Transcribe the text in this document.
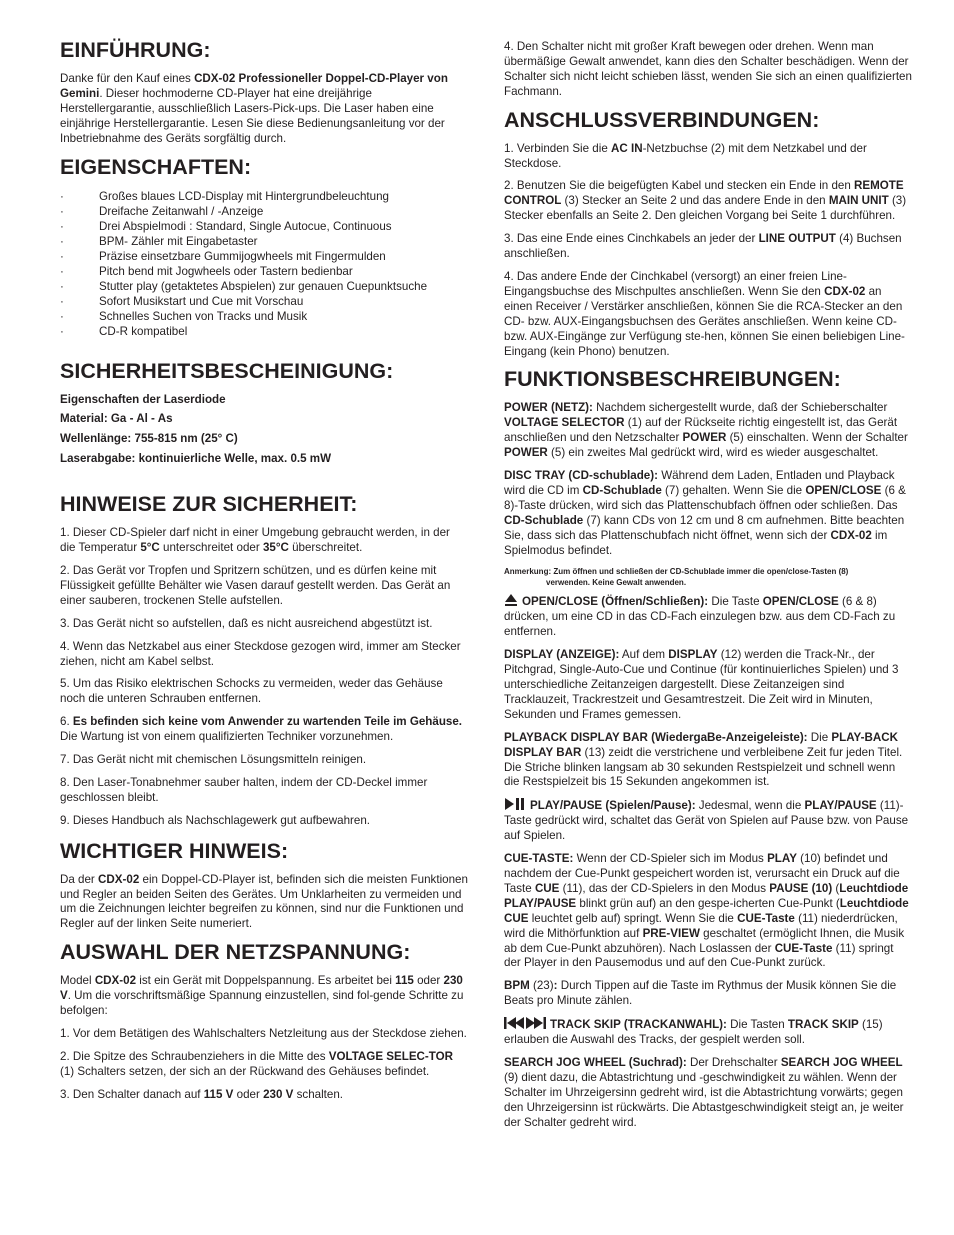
EINFÜHRUNG:

Danke für den Kauf eines CDX-02 Professioneller Doppel-CD-Player von Gemini. Dieser hochmoderne CD-Player hat eine dreijährige Herstellergarantie, ausschließlich Lasers-Pick-ups. Die Laser haben eine einjährige Herstellergarantie. Lesen Sie diese Bedienungsanleitung vor der Inbetriebnahme des Geräts sorgfältig durch.

EIGENSCHAFTEN:
· Großes blaues LCD-Display mit Hintergrundbeleuchtung
· Dreifache Zeitanwahl / -Anzeige
· Drei Abspielmodi : Standard, Single Autocue, Continuous
· BPM- Zähler mit Eingabetaster
· Präzise einsetzbare Gummijogwheels mit Fingermulden
· Pitch bend mit Jogwheels oder Tastern bedienbar
· Stutter play (getaktetes Abspielen) zur genauen Cuepunktsuche
· Sofort Musikstart und Cue mit Vorschau
· Schnelles Suchen von Tracks und Musik
· CD-R kompatibel
SICHERHEITSBESCHEINIGUNG:

Eigenschaften der Laserdiode

Material: Ga - Al - As

Wellenlänge: 755-815 nm (25° C)

Laserabgabe: kontinuierliche Welle, max. 0.5 mW

HINWEISE ZUR SICHERHEIT:

1. Dieser CD-Spieler darf nicht in einer Umgebung gebraucht werden, in der die Temperatur 5°C unterschreitet oder 35°C überschreitet.

2. Das Gerät vor Tropfen und Spritzern schützen, und es dürfen keine mit Flüssigkeit gefüllte Behälter wie Vasen darauf gestellt werden. Das Gerät an einer sauberen, trockenen Stelle aufstellen.

3. Das Gerät nicht so aufstellen, daß es nicht ausreichend abgestützt ist.

4. Wenn das Netzkabel aus einer Steckdose gezogen wird, immer am Stecker ziehen, nicht am Kabel selbst.

5. Um das Risiko elektrischen Schocks zu vermeiden, weder das Gehäuse noch die unteren Schrauben entfernen.

6. Es befinden sich keine vom Anwender zu wartenden Teile im Gehäuse. Die Wartung ist von einem qualifizierten Techniker vorzunehmen.

7. Das Gerät nicht mit chemischen Lösungsmitteln reinigen.

8. Den Laser-Tonabnehmer sauber halten, indem der CD-Deckel immer geschlossen bleibt.

9. Dieses Handbuch als Nachschlagewerk gut aufbewahren.

WICHTIGER HINWEIS:

Da der CDX-02 ein Doppel-CD-Player ist, befinden sich die meisten Funktionen und Regler an beiden Seiten des Gerätes. Um Unklarheiten zu vermeiden und um die Zeichnungen leichter begreifen zu können, sind nur die Funktionen und Regler auf der linken Seite numeriert.

AUSWAHL DER NETZSPANNUNG:

Model CDX-02 ist ein Gerät mit Doppelspannung. Es arbeitet bei 115 oder 230 V. Um die vorschriftsmäßige Spannung einzustellen, sind fol-gende Schritte zu befolgen:

1. Vor dem Betätigen des Wahlschalters Netzleitung aus der Steckdose ziehen.

2. Die Spitze des Schraubenziehers in die Mitte des VOLTAGE SELEC-TOR (1) Schalters setzen, der sich an der Rückwand des Gehäuses befindet.

3. Den Schalter danach auf 115 V oder 230 V schalten.

4. Den Schalter nicht mit großer Kraft bewegen oder drehen. Wenn man übermäßige Gewalt anwendet, kann dies den Schalter beschädigen. Wenn der Schalter sich nicht leicht schieben lässt, wenden Sie sich an einen qualifizierten Fachmann.

ANSCHLUSSVERBINDUNGEN:

1. Verbinden Sie die AC IN-Netzbuchse (2) mit dem Netzkabel und der Steckdose.

2. Benutzen Sie die beigefügten Kabel und stecken ein Ende in den REMOTE CONTROL (3) Stecker an Seite 2 und das andere Ende in den MAIN UNIT (3) Stecker ebenfalls an Seite 2. Den gleichen Vorgang bei Seite 1 durchführen.

3. Das eine Ende eines Cinchkabels an jeder der LINE OUTPUT (4) Buchsen anschließen.

4. Das andere Ende der Cinchkabel (versorgt) an einer freien Line-Eingangsbuchse des Mischpultes anschließen. Wenn Sie den CDX-02 an einen Receiver / Verstärker anschließen, können Sie die RCA-Stecker an den CD- bzw. AUX-Eingangsbuchsen des Gerätes anschließen. Wenn keine CD- bzw. AUX-Eingänge zur Verfügung ste-hen, können Sie einen beliebigen Line-Eingang (kein Phono) benutzen.

FUNKTIONSBESCHREIBUNGEN:

POWER (NETZ): Nachdem sichergestellt wurde, daß der Schieberschalter VOLTAGE SELECTOR (1) auf der Rückseite richtig eingestellt ist, das Gerät anschließen und den Netzschalter POWER (5) einschalten. Wenn der Schalter POWER (5) ein zweites Mal gedrückt wird, wird es wieder ausgeschaltet.

DISC TRAY (CD-schublade): Während dem Laden, Entladen und Playback wird die CD im CD-Schublade (7) gehalten. Wenn Sie die OPEN/CLOSE (6 & 8)-Taste drücken, wird sich das Plattenschubfach öffnen oder schließen. Das CD-Schublade (7) kann CDs von 12 cm und 8 cm aufnehmen. Bitte beachten Sie, dass sich das Plattenschubfach nicht öffnet, wenn sich der CDX-02 im Spielmodus befindet.

Anmerkung: Zum öffnen und schließen der CD-Schublade immer die open/close-Tasten (8)
verwenden. Keine Gewalt anwenden.

OPEN/CLOSE (Öffnen/Schließen): Die Taste OPEN/CLOSE (6 & 8) drücken, um eine CD in das CD-Fach einzulegen bzw. aus dem CD-Fach zu entfernen.

DISPLAY (ANZEIGE): Auf dem DISPLAY (12) werden die Track-Nr., der Pitchgrad, Single-Auto-Cue und Continue (für kontinuierliches Spielen) und 3 unterschiedliche Zeitanzeigen dargestellt. Diese Zeitanzeigen sind Tracklauzeit, Trackrestzeit und Gesamtrestzeit. Die Zeit wird in Minuten, Sekunden und Frames gemessen.

PLAYBACK DISPLAY BAR (WiedergaBe-Anzeigeleiste): Die PLAY-BACK DISPLAY BAR (13) zeidt die verstrichene und verbleibene Zeit fur jeden Titel. Die Striche blinken langsam ab 30 sekunden Restspielzeit und schnell wenn die Restspielzeit bis 15 Sekunden angekommen ist.

PLAY/PAUSE (Spielen/Pause): Jedesmal, wenn die PLAY/PAUSE (11)-Taste gedrückt wird, schaltet das Gerät von Spielen auf Pause bzw. von Pause auf Spielen.

CUE-TASTE: Wenn der CD-Spieler sich im Modus PLAY (10) befindet und nachdem der Cue-Punkt gespeichert worden ist, verursacht ein Druck auf die Taste CUE (11), das der CD-Spielers in den Modus PAUSE (10) (Leuchtdiode PLAY/PAUSE blinkt grün auf) an den gespe-icherten Cue-Punkt (Leuchtdiode CUE leuchtet gelb auf) springt. Wenn Sie die CUE-Taste (11) niederdrücken, wird die Mithörfunktion auf PRE-VIEW geschaltet (ermöglicht Ihnen, die Musik ab dem Cue-Punkt abzuhören). Nach Loslassen der CUE-Taste (11) springt der Player in den Pausemodus und auf den Cue-Punkt zurück.

BPM (23): Durch Tippen auf die Taste im Rythmus der Musik können Sie die Beats pro Minute zählen.

TRACK SKIP (TRACKANWAHL): Die Tasten TRACK SKIP (15) erlauben die Auswahl des Tracks, der gespielt werden soll.

SEARCH JOG WHEEL (Suchrad): Der Drehschalter SEARCH JOG WHEEL (9) dient dazu, die Abtastrichtung und -geschwindigkeit zu wählen. Wenn der Schalter im Uhrzeigersinn gedreht wird, ist die Abtastrichtung vorwärts; gegen den Uhrzeigersinn ist rückwärts. Die Abtastgeschwindigkeit steigt an, je weiter der Schalter gedreht wird.
